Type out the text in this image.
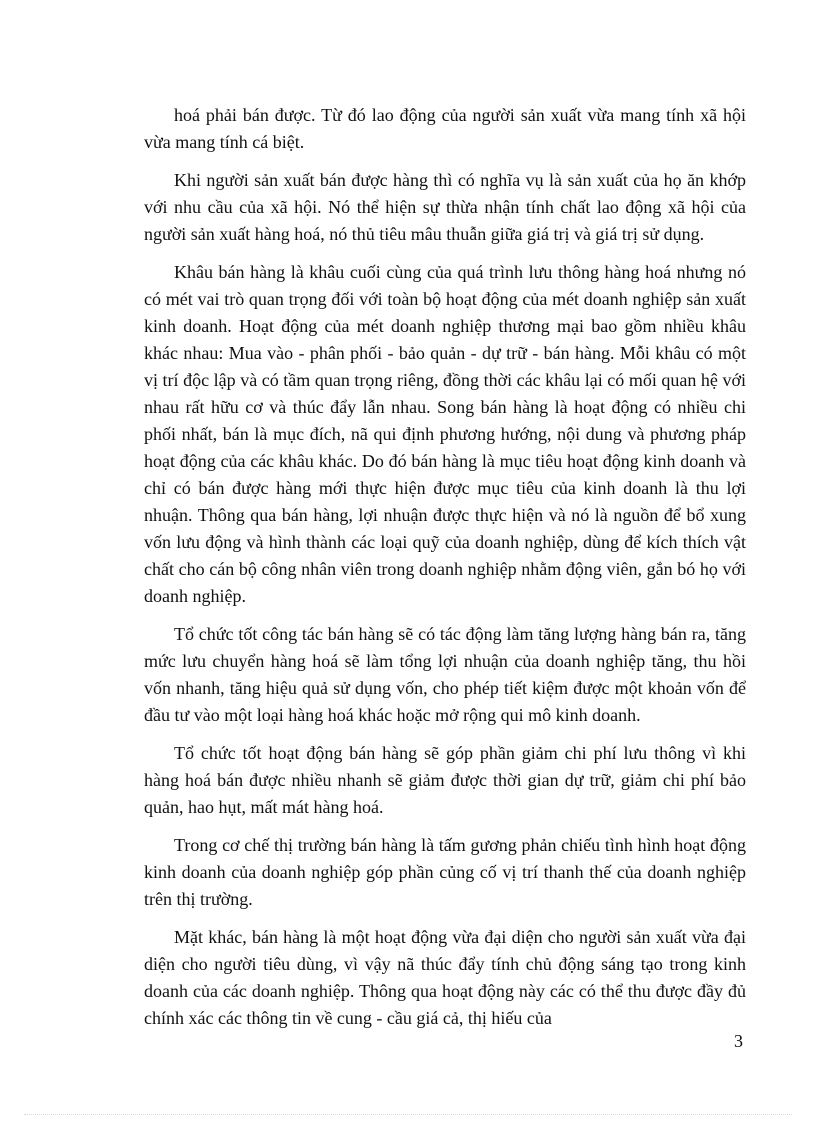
hoá phải bán được. Từ đó lao động của người sản xuất vừa mang tính xã hội vừa mang tính cá biệt.

Khi người sản xuất bán được hàng thì có nghĩa vụ là sản xuất của họ ăn khớp với nhu cầu của xã hội. Nó thể hiện sự thừa nhận tính chất lao động xã hội của người sản xuất hàng hoá, nó thủ tiêu mâu thuẫn giữa giá trị và giá trị sử dụng.

Khâu bán hàng là khâu cuối cùng của quá trình lưu thông hàng hoá nhưng nó có mét vai trò quan trọng đối với toàn bộ hoạt động của mét doanh nghiệp sản xuất kinh doanh. Hoạt động của mét doanh nghiệp thương mại bao gồm nhiều khâu khác nhau: Mua vào - phân phối - bảo quản - dự trữ - bán hàng. Mỗi khâu có một vị trí độc lập và có tầm quan trọng riêng, đồng thời các khâu lại có mối quan hệ với nhau rất hữu cơ và thúc đẩy lẫn nhau. Song bán hàng là hoạt động có nhiều chi phối nhất, bán là mục đích, nã qui định phương hướng, nội dung và phương pháp hoạt động của các khâu khác. Do đó bán hàng là mục tiêu hoạt động kinh doanh và chỉ có bán được hàng mới thực hiện được mục tiêu của kinh doanh là thu lợi nhuận. Thông qua bán hàng, lợi nhuận được thực hiện và nó là nguồn để bổ xung vốn lưu động và hình thành các loại quỹ của doanh nghiệp, dùng để kích thích vật chất cho cán bộ công nhân viên trong doanh nghiệp nhằm động viên, gắn bó họ với doanh nghiệp.

Tổ chức tốt công tác bán hàng sẽ có tác động làm tăng lượng hàng bán ra, tăng mức lưu chuyển hàng hoá sẽ làm tổng lợi nhuận của doanh nghiệp tăng, thu hồi vốn nhanh, tăng hiệu quả sử dụng vốn, cho phép tiết kiệm được một khoản vốn để đầu tư vào một loại hàng hoá khác hoặc mở rộng qui mô kinh doanh.

Tổ chức tốt hoạt động bán hàng sẽ góp phần giảm chi phí lưu thông vì khi hàng hoá bán được nhiều nhanh sẽ giảm được thời gian dự trữ, giảm chi phí bảo quản, hao hụt, mất mát hàng hoá.

Trong cơ chế thị trường bán hàng là tấm gương phản chiếu tình hình hoạt động kinh doanh của doanh nghiệp góp phần củng cố vị trí thanh thế của doanh nghiệp trên thị trường.

Mặt khác, bán hàng là một hoạt động vừa đại diện cho người sản xuất vừa đại diện cho người tiêu dùng, vì vậy nã thúc đẩy tính chủ động sáng tạo trong kinh doanh của các doanh nghiệp. Thông qua hoạt động này các có thể thu được đầy đủ chính xác các thông tin về cung - cầu giá cả, thị hiếu của

3
